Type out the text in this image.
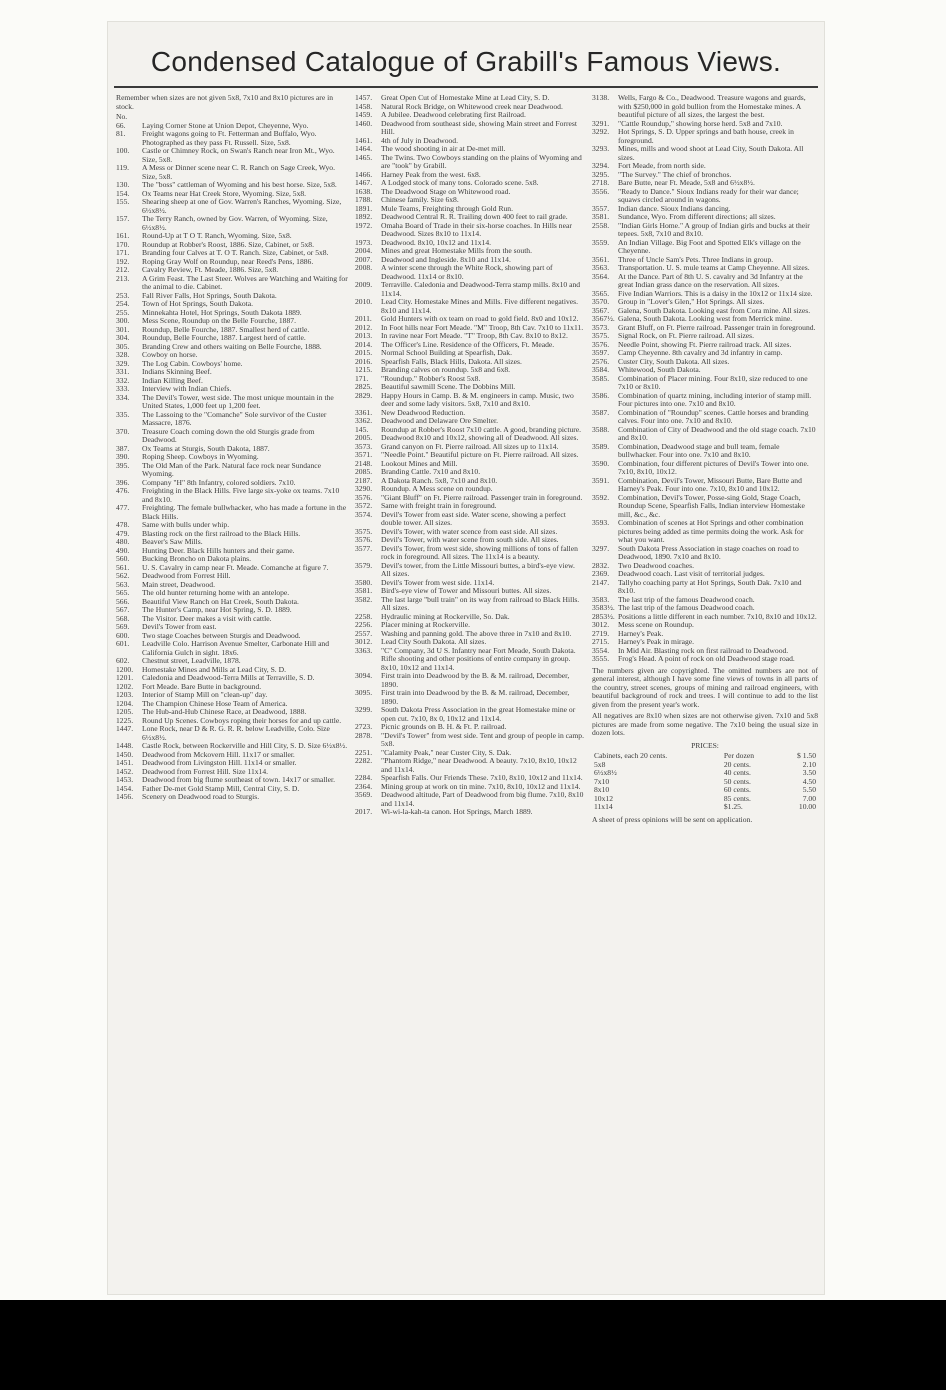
Condensed Catalogue of Grabill's Famous Views.
Remember when sizes are not given 5x8, 7x10 and 8x10 pictures are in stock.
No.
66.	Laying Corner Stone at Union Depot, Cheyenne, Wyo.
81.	Freight wagons going to Ft. Fetterman and Buffalo, Wyo. Photographed as they pass Ft. Russell. Size, 5x8.
100.	Castle or Chimney Rock, on Swan's Ranch near Iron Mt., Wyo. Size, 5x8.
119.	A Mess or Dinner scene near C. R. Ranch on Sage Creek, Wyo. Size, 5x8.
130.	The "boss" cattleman of Wyoming and his best horse. Size, 5x8.
154.	Ox Teams near Hat Creek Store, Wyoming. Size, 5x8.
155.	Shearing sheep at one of Gov. Warren's Ranches, Wyoming. Size, 6½x8½.
157.	The Terry Ranch, owned by Gov. Warren, of Wyoming. Size, 6½x8½.
161.	Round-Up at T O T. Ranch, Wyoming. Size, 5x8.
170.	Roundup at Robber's Roost, 1886. Size, Cabinet, or 5x8.
171.	Branding four Calves at T. O T. Ranch. Size, Cabinet, or 5x8.
192.	Roping Gray Wolf on Roundup, near Reed's Pens, 1886.
212.	Cavalry Review, Ft. Meade, 1886. Size, 5x8.
213.	A Grim Feast. The Last Steer. Wolves are Watching and Waiting for the animal to die. Cabinet.
253.	Fall River Falls, Hot Springs, South Dakota.
254.	Town of Hot Springs, South Dakota.
255.	Minnekahta Hotel, Hot Springs, South Dakota 1889.
300.	Mess Scene, Roundup on the Belle Fourche, 1887.
301.	Roundup, Belle Fourche, 1887. Smallest herd of cattle.
304.	Roundup, Belle Fourche, 1887. Largest herd of cattle.
305.	Branding Crew and others waiting on Belle Fourche, 1888.
328.	Cowboy on horse.
329.	The Log Cabin. Cowboys' home.
331.	Indians Skinning Beef.
332.	Indian Killing Beef.
333.	Interview with Indian Chiefs.
334.	The Devil's Tower, west side. The most unique mountain in the United States, 1,000 feet up 1,200 feet.
335.	The Lassoing to the "Comanche" Sole survivor of the Custer Massacre, 1876.
370.	Treasure Coach coming down the old Sturgis grade from Deadwood.
387.	Ox Teams at Sturgis, South Dakota, 1887.
390.	Roping Sheep. Cowboys in Wyoming.
395.	The Old Man of the Park. Natural face rock near Sundance Wyoming.
396.	Company "H" 8th Infantry, colored soldiers. 7x10.
476.	Freighting in the Black Hills. Five large six-yoke ox teams. 7x10 and 8x10.
477.	Freighting. The female bullwhacker, who has made a fortune in the Black Hills.
478.	Same with bulls under whip.
479.	Blasting rock on the first railroad to the Black Hills.
480.	Beaver's Saw Mills.
490.	Hunting Deer. Black Hills hunters and their game.
560.	Bucking Broncho on Dakota plains.
561.	U. S. Cavalry in camp near Ft. Meade. Comanche at figure 7.
562.	Deadwood from Forrest Hill.
563.	Main street, Deadwood.
565.	The old hunter returning home with an antelope.
566.	Beautiful View Ranch on Hat Creek, South Dakota.
567.	The Hunter's Camp, near Hot Spring, S. D. 1889.
568.	The Visitor. Deer makes a visit with cattle.
569.	Devil's Tower from east.
600.	Two stage Coaches between Sturgis and Deadwood.
601.	Leadville Colo. Harrison Avenue Smelter, Carbonate Hill and California Gulch in sight. 18x6.
602.	Chestnut street, Leadville, 1878.
1200.	Homestake Mines and Mills at Lead City, S. D.
1201.	Caledonia and Deadwood-Terra Mills at Terraville, S. D.
1202.	Fort Meade. Bare Butte in background.
1203.	Interior of Stamp Mill on "clean-up" day.
1204.	The Champion Chinese Hose Team of America.
1205.	The Hub-and-Hub Chinese Race, at Deadwood, 1888.
1225.	Round Up Scenes. Cowboys roping their horses for and up cattle.
1447.	Lone Rock, near D & R. G. R. R. below Leadville, Colo. Size 6½x8½.
1448.	Castle Rock, between Rockerville and Hill City, S. D. Size 6½x8½.
1450.	Deadwood from Mckovern Hill. 11x17 or smaller.
1451.	Deadwood from Livingston Hill. 11x14 or smaller.
1452.	Deadwood from Forrest Hill. Size 11x14.
1453.	Deadwood from big flume southeast of town. 14x17 or smaller.
1454.	Father De-met Gold Stamp Mill, Central City, S. D.
1456.	Scenery on Deadwood road to Sturgis.
1457.	Great Open Cut of Homestake Mine at Lead City, S. D.
1458.	Natural Rock Bridge, on Whitewood creek near Deadwood.
1459.	A Jubilee. Deadwood celebrating first Railroad.
1460.	Deadwood from southeast side, showing Main street and Forrest Hill.
1461.	4th of July in Deadwood.
1464.	The wood shooting in air at De-met mill.
1465.	The Twins. Two Cowboys standing on the plains of Wyoming and are "took" by Grabill.
1466.	Harney Peak from the west. 6x8.
1467.	A Lodged stock of many tons. Colorado scene. 5x8.
1638.	The Deadwood Stage on Whitewood road.
1788.	Chinese family. Size 6x8.
1891.	Mule Teams, Freighting through Gold Run.
1892.	Deadwood Central R. R. Trailing down 400 feet to rail grade.
1972.	Omaha Board of Trade in their six-horse coaches. In Hills near Deadwood. Sizes 8x10 to 11x14.
1973.	Deadwood. 8x10, 10x12 and 11x14.
2004.	Mines and great Homestake Mills from the south.
2007.	Deadwood and Ingleside. 8x10 and 11x14.
2008.	A winter scene through the White Rock, showing part of Deadwood. 11x14 or 8x10.
2009.	Terraville. Caledonia and Deadwood-Terra stamp mills. 8x10 and 11x14.
2010.	Lead City. Homestake Mines and Mills. Five different negatives. 8x10 and 11x14.
2011.	Gold Hunters with ox team on road to gold field. 8x0 and 10x12.
2012.	In Foot hills near Fort Meade. "M" Troop, 8th Cav. 7x10 to 11x11.
2013.	In ravine near Fort Meade. "T" Troop, 8th Cav. 8x10 to 8x12.
2014.	The Officer's Line. Residence of the Officers, Ft. Meade.
2015.	Normal School Building at Spearfish, Dak.
2016.	Spearfish Falls, Black Hills, Dakota. All sizes.
1215.	Branding calves on roundup. 5x8 and 6x8.
171.	"Roundup." Robber's Roost 5x8.
2825.	Beautiful sawmill Scene. The Dobbins Mill.
2829.	Happy Hours in Camp. B. & M. engineers in camp. Music, two deer and some lady visitors. 5x8, 7x10 and 8x10.
3361.	New Deadwood Reduction.
3362.	Deadwood and Delaware Ore Smelter.
145.	Roundup at Robber's Roost 7x10 cattle. A good, branding picture.
2005.	Deadwood 8x10 and 10x12, showing all of Deadwood. All sizes.
3573.	Grand canyon on Ft. Pierre railroad. All sizes up to 11x14.
3571.	"Needle Point." Beautiful picture on Ft. Pierre railroad. All sizes.
2148.	Lookout Mines and Mill.
2085.	Branding Cattle. 7x10 and 8x10.
2187.	A Dakota Ranch. 5x8, 7x10 and 8x10.
3290.	Roundup. A Mess scene on roundup.
3576.	"Giant Bluff" on Ft. Pierre railroad. Passenger train in foreground.
3572.	Same with freight train in foreground.
3574.	Devil's Tower from east side. Water scene, showing a perfect double tower. All sizes.
3575.	Devil's Tower, with water scence from east side. All sizes.
3576.	Devil's Tower, with water scene from south side. All sizes.
3577.	Devil's Tower, from west side, showing millions of tons of fallen rock in foreground. All sizes. The 11x14 is a beauty.
3579.	Devil's tower, from the Little Missouri buttes, a bird's-eye view. All sizes.
3580.	Devil's Tower from west side. 11x14.
3581.	Bird's-eye view of Tower and Missouri buttes. All sizes.
3582.	The last large "bull train" on its way from railroad to Black Hills. All sizes.
2258.	Hydraulic mining at Rockerville, So. Dak.
2256.	Placer mining at Rockerville.
2557.	Washing and panning gold. The above three in 7x10 and 8x10.
3012.	Lead City South Dakota. All sizes.
3363.	"C" Company, 3d U S. Infantry near Fort Meade, South Dakota. Rifle shooting and other positions of entire company in group. 8x10, 10x12 and 11x14.
3094.	First train into Deadwood by the B. & M. railroad, December, 1890.
3095.	First train into Deadwood by the B. & M. railroad, December, 1890.
3299.	South Dakota Press Association in the great Homestake mine or open cut. 7x10, 8x 0, 10x12 and 11x14.
2723.	Picnic grounds on B. H. & Ft. P. railroad.
2878.	"Devil's Tower" from west side. Tent and group of people in camp. 5x8.
2251.	"Calamity Peak," near Custer City, S. Dak.
2282.	"Phantom Ridge," near Deadwood. A beauty. 7x10, 8x10, 10x12 and 11x14.
2284.	Spearfish Falls. Our Friends These. 7x10, 8x10, 10x12 and 11x14.
2364.	Mining group at work on tin mine. 7x10, 8x10, 10x12 and 11x14.
3569.	Deadwood altitude, Part of Deadwood from big flume. 7x10, 8x10 and 11x14.
2017.	Wi-wi-la-kah-ta canon. Hot Springs, March 1889.
3138.	Wells, Fargo & Co., Deadwood. Treasure wagons and guards, with $250,000 in gold bullion from the Homestake mines. A beautiful picture of all sizes, the largest the best.
3291.	"Cattle Roundup," showing horse herd. 5x8 and 7x10.
3292.	Hot Springs, S. D. Upper springs and bath house, creek in foreground.
3293.	Mines, mills and wood shoot at Lead City, South Dakota. All sizes.
3294.	Fort Meade, from north side.
3295.	"The Survey." The chief of bronchos.
2718.	Bare Butte, near Ft. Meade, 5x8 and 6½x8½.
3556.	"Ready to Dance." Sioux Indians ready for their war dance; squaws circled around in wagons.
3557.	Indian dance. Sioux Indians dancing.
3581.	Sundance, Wyo. From different directions; all sizes.
2558.	"Indian Girls Home." A group of Indian girls and bucks at their tepees. 5x8, 7x10 and 8x10.
3559.	An Indian Village. Big Foot and Spotted Elk's village on the Cheyenne.
3561.	Three of Uncle Sam's Pets. Three Indians in group.
3563.	Transportation. U. S. mule teams at Camp Cheyenne. All sizes.
3564.	At the Dance. Part of 8th U. S. cavalry and 3d Infantry at the great Indian grass dance on the reservation. All sizes.
3565.	Five Indian Warriors. This is a daisy in the 10x12 or 11x14 size.
3570.	Group in "Lover's Glen," Hot Springs. All sizes.
3567.	Galena, South Dakota. Looking east from Cora mine. All sizes.
3567½. Galena, South Dakota. Looking west from Merrick mine.
3573.	Grant Bluff, on Ft. Pierre railroad. Passenger train in foreground.
3575.	Signal Rock, on Ft. Pierre railroad. All sizes.
3576.	Needle Point, showing Ft. Pierre railroad track. All sizes.
3597.	Camp Cheyenne. 8th cavalry and 3d infantry in camp.
2576.	Custer City, South Dakota. All sizes.
3584.	Whitewood, South Dakota.
3585.	Combination of Placer mining. Four 8x10, size reduced to one 7x10 or 8x10.
3586.	Combination of quartz mining, including interior of stamp mill. Four pictures into one. 7x10 and 8x10.
3587.	Combination of "Roundup" scenes. Cattle horses and branding calves. Four into one. 7x10 and 8x10.
3588.	Combination of City of Deadwood and the old stage coach. 7x10 and 8x10.
3589.	Combination, Deadwood stage and bull team, female bullwhacker. Four into one. 7x10 and 8x10.
3590.	Combination, four different pictures of Devil's Tower into one. 7x10, 8x10, 10x12.
3591.	Combination, Devil's Tower, Missouri Butte, Bare Butte and Harney's Peak. Four into one. 7x10, 8x10 and 10x12.
3592.	Combination, Devil's Tower, Posse-sing Gold, Stage Coach, Roundup Scene, Spearfish Falls, Indian interview Homestake mill, &c., &c.
3593.	Combination of scenes at Hot Springs and other combination pictures being added as time permits doing the work. Ask for what you want.
3297.	South Dakota Press Association in stage coaches on road to Deadwood, 1890. 7x10 and 8x10.
2832.	Two Deadwood coaches.
2369.	Deadwood coach. Last visit of territorial judges.
2147.	Tallyho coaching party at Hot Springs, South Dak. 7x10 and 8x10.
3583.	The last trip of the famous Deadwood coach.
3583½. The last trip of the famous Deadwood coach.
2853½. Positions a little different in each number. 7x10, 8x10 and 10x12.
3012.	Mess scene on Roundup.
2719.	Harney's Peak.
2715.	Harney's Peak in mirage.
3554.	In Mid Air. Blasting rock on first railroad to Deadwood.
3555.	Frog's Head. A point of rock on old Deadwood stage road.
The numbers given are copyrighted. The omitted numbers are not of general interest, although I have some fine views of towns in all parts of the country, street scenes, groups of mining and railroad engineers, with beautiful background of rock and trees. I will continue to add to the list given from the present year's work.
All negatives are 8x10 when sizes are not otherwise given. 7x10 and 5x8 pictures are made from some negative. The 7x10 being the usual size in dozen lots.
PRICES:
Cabinets, each 20 cents.	Per dozen	$ 1.50
5x8	20 cents.	2.10
6½x8½	40 cents.	3.50
7x10	50 cents.	4.50
8x10	60 cents.	5.50
10x12	85 cents.	7.00
11x14	$1.25.	10.00
A sheet of press opinions will be sent on application.
